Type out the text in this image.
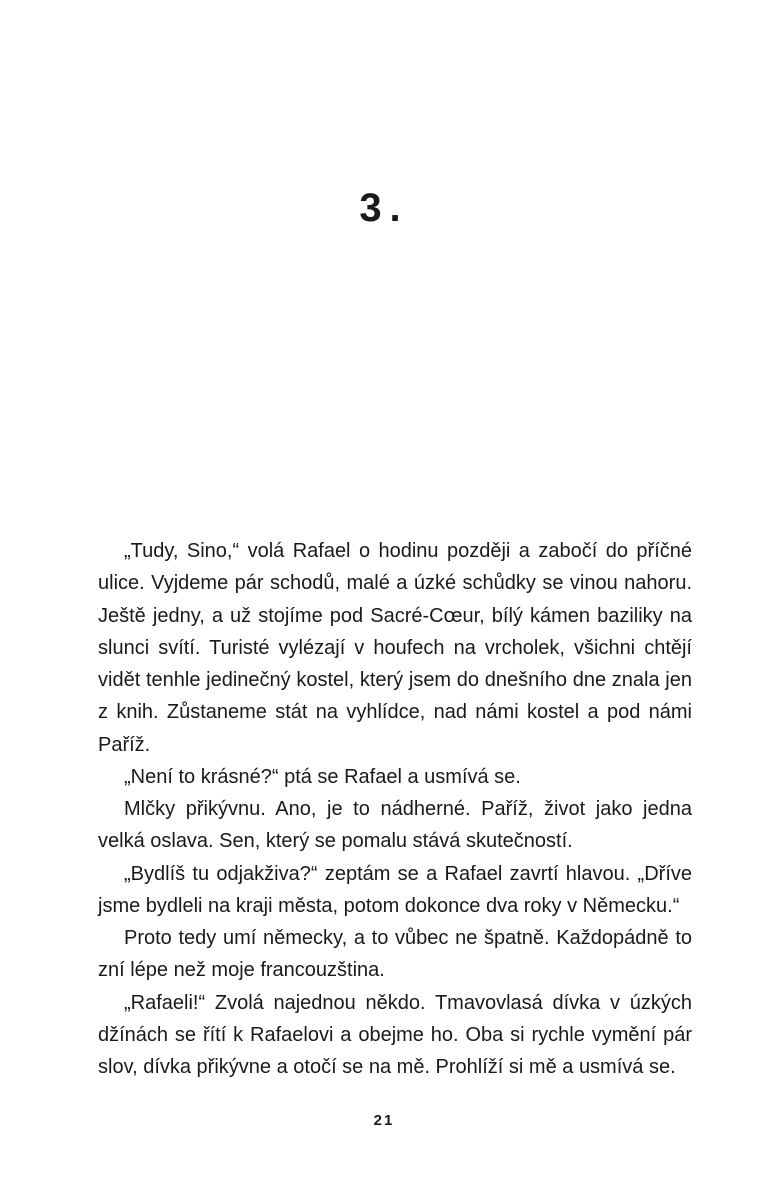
3.

„Tudy, Sino,“ volá Rafael o hodinu později a zabočí do příčné ulice. Vyjdeme pár schodů, malé a úzké schůdky se vinou nahoru. Ještě jedny, a už stojíme pod Sacré-Cœur, bílý kámen baziliky na slunci svítí. Turisté vylézají v houfech na vrcholek, všichni chtějí vidět tenhle jedinečný kostel, který jsem do dnešního dne znala jen z knih. Zůstaneme stát na vyhlídce, nad námi kostel a pod námi Paříž.

„Není to krásné?“ ptá se Rafael a usmívá se.

Mlčky přikývnu. Ano, je to nádherné. Paříž, život jako jedna velká oslava. Sen, který se pomalu stává skutečností.

„Bydlíš tu odjakživa?“ zeptám se a Rafael zavrtí hlavou. „Dříve jsme bydleli na kraji města, potom dokonce dva roky v Německu.“

Proto tedy umí německy, a to vůbec ne špatně. Každopádně to zní lépe než moje francouzština.

„Rafaeli!“ Zvolá najednou někdo. Tmavovlasá dívka v úzkých džínách se řítí k Rafaelovi a obejme ho. Oba si rychle vymění pár slov, dívka přikývne a otočí se na mě. Prohlíží si mě a usmívá se.

21
